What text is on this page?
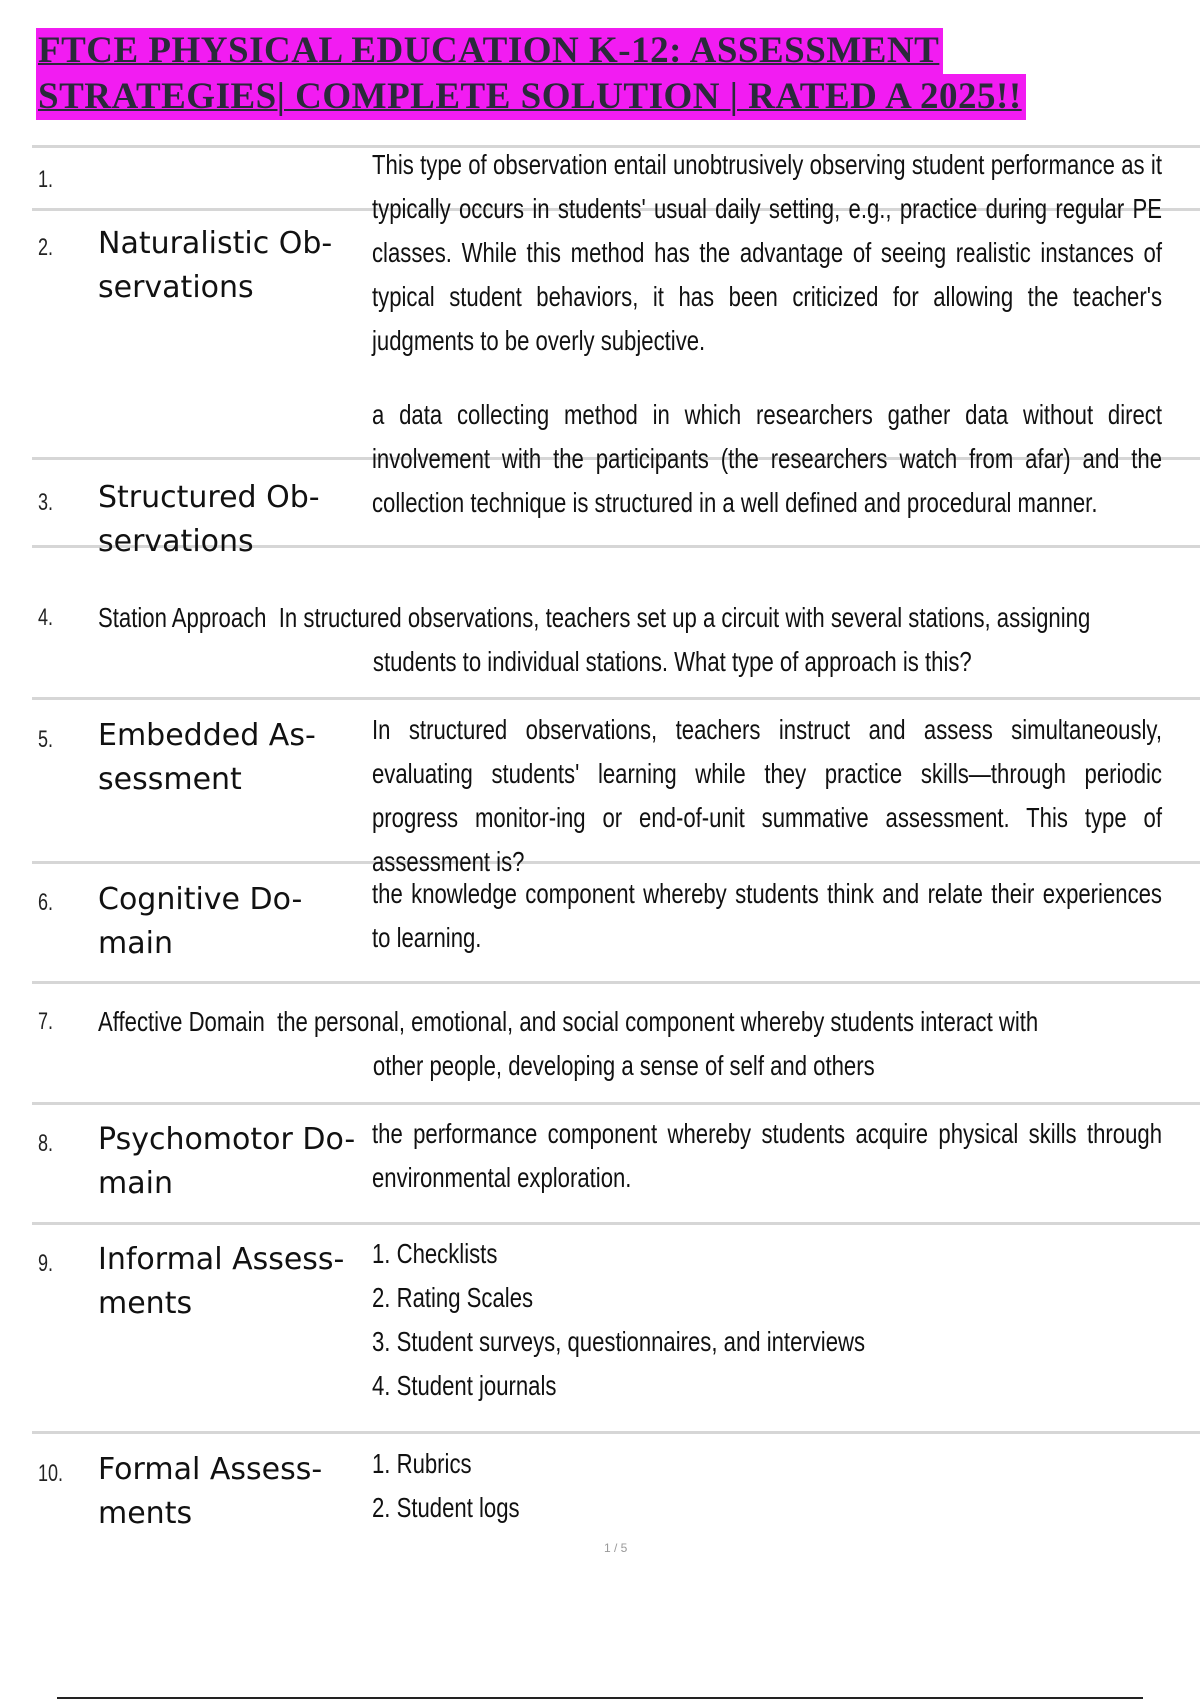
FTCE PHYSICAL EDUCATION K-12: ASSESSMENT
STRATEGIES| COMPLETE SOLUTION | RATED A 2025!!
1.	This type of observation entail unobtrusively observing student performance as it typically occurs in students' usual daily setting, e.g., practice during regular PE classes. While this method has the advantage of seeing realistic instances of typical student behaviors, it has been criticized for allowing the teacher's judgments to be overly subjective.
2. Naturalistic Ob-servations
3. Structured Ob-servations
a data collecting method in which researchers gather data without direct involvement with the participants (the researchers watch from afar) and the collection technique is structured in a well defined and procedural manner.
4. Station Approach In structured observations, teachers set up a circuit with several stations, assigning
students to individual stations. What type of approach is this?
5. Embedded As-sessment
In structured observations, teachers instruct and assess simultaneously, evaluating students' learning while they practice skills—through periodic progress monitor-ing or end-of-unit summative assessment. This type of assessment is?
6. Cognitive Do-main
the knowledge component whereby students think and relate their experiences to learning.
7. Affective Domain the personal, emotional, and social component whereby students interact with
other people, developing a sense of self and others
8. Psychomotor Do-main
the performance component whereby students acquire physical skills through environmental exploration.
9. Informal Assess-ments
1. Checklists
2. Rating Scales
3. Student surveys, questionnaires, and interviews
4. Student journals
10. Formal Assess-ments
1. Rubrics
2. Student logs
1 / 5
